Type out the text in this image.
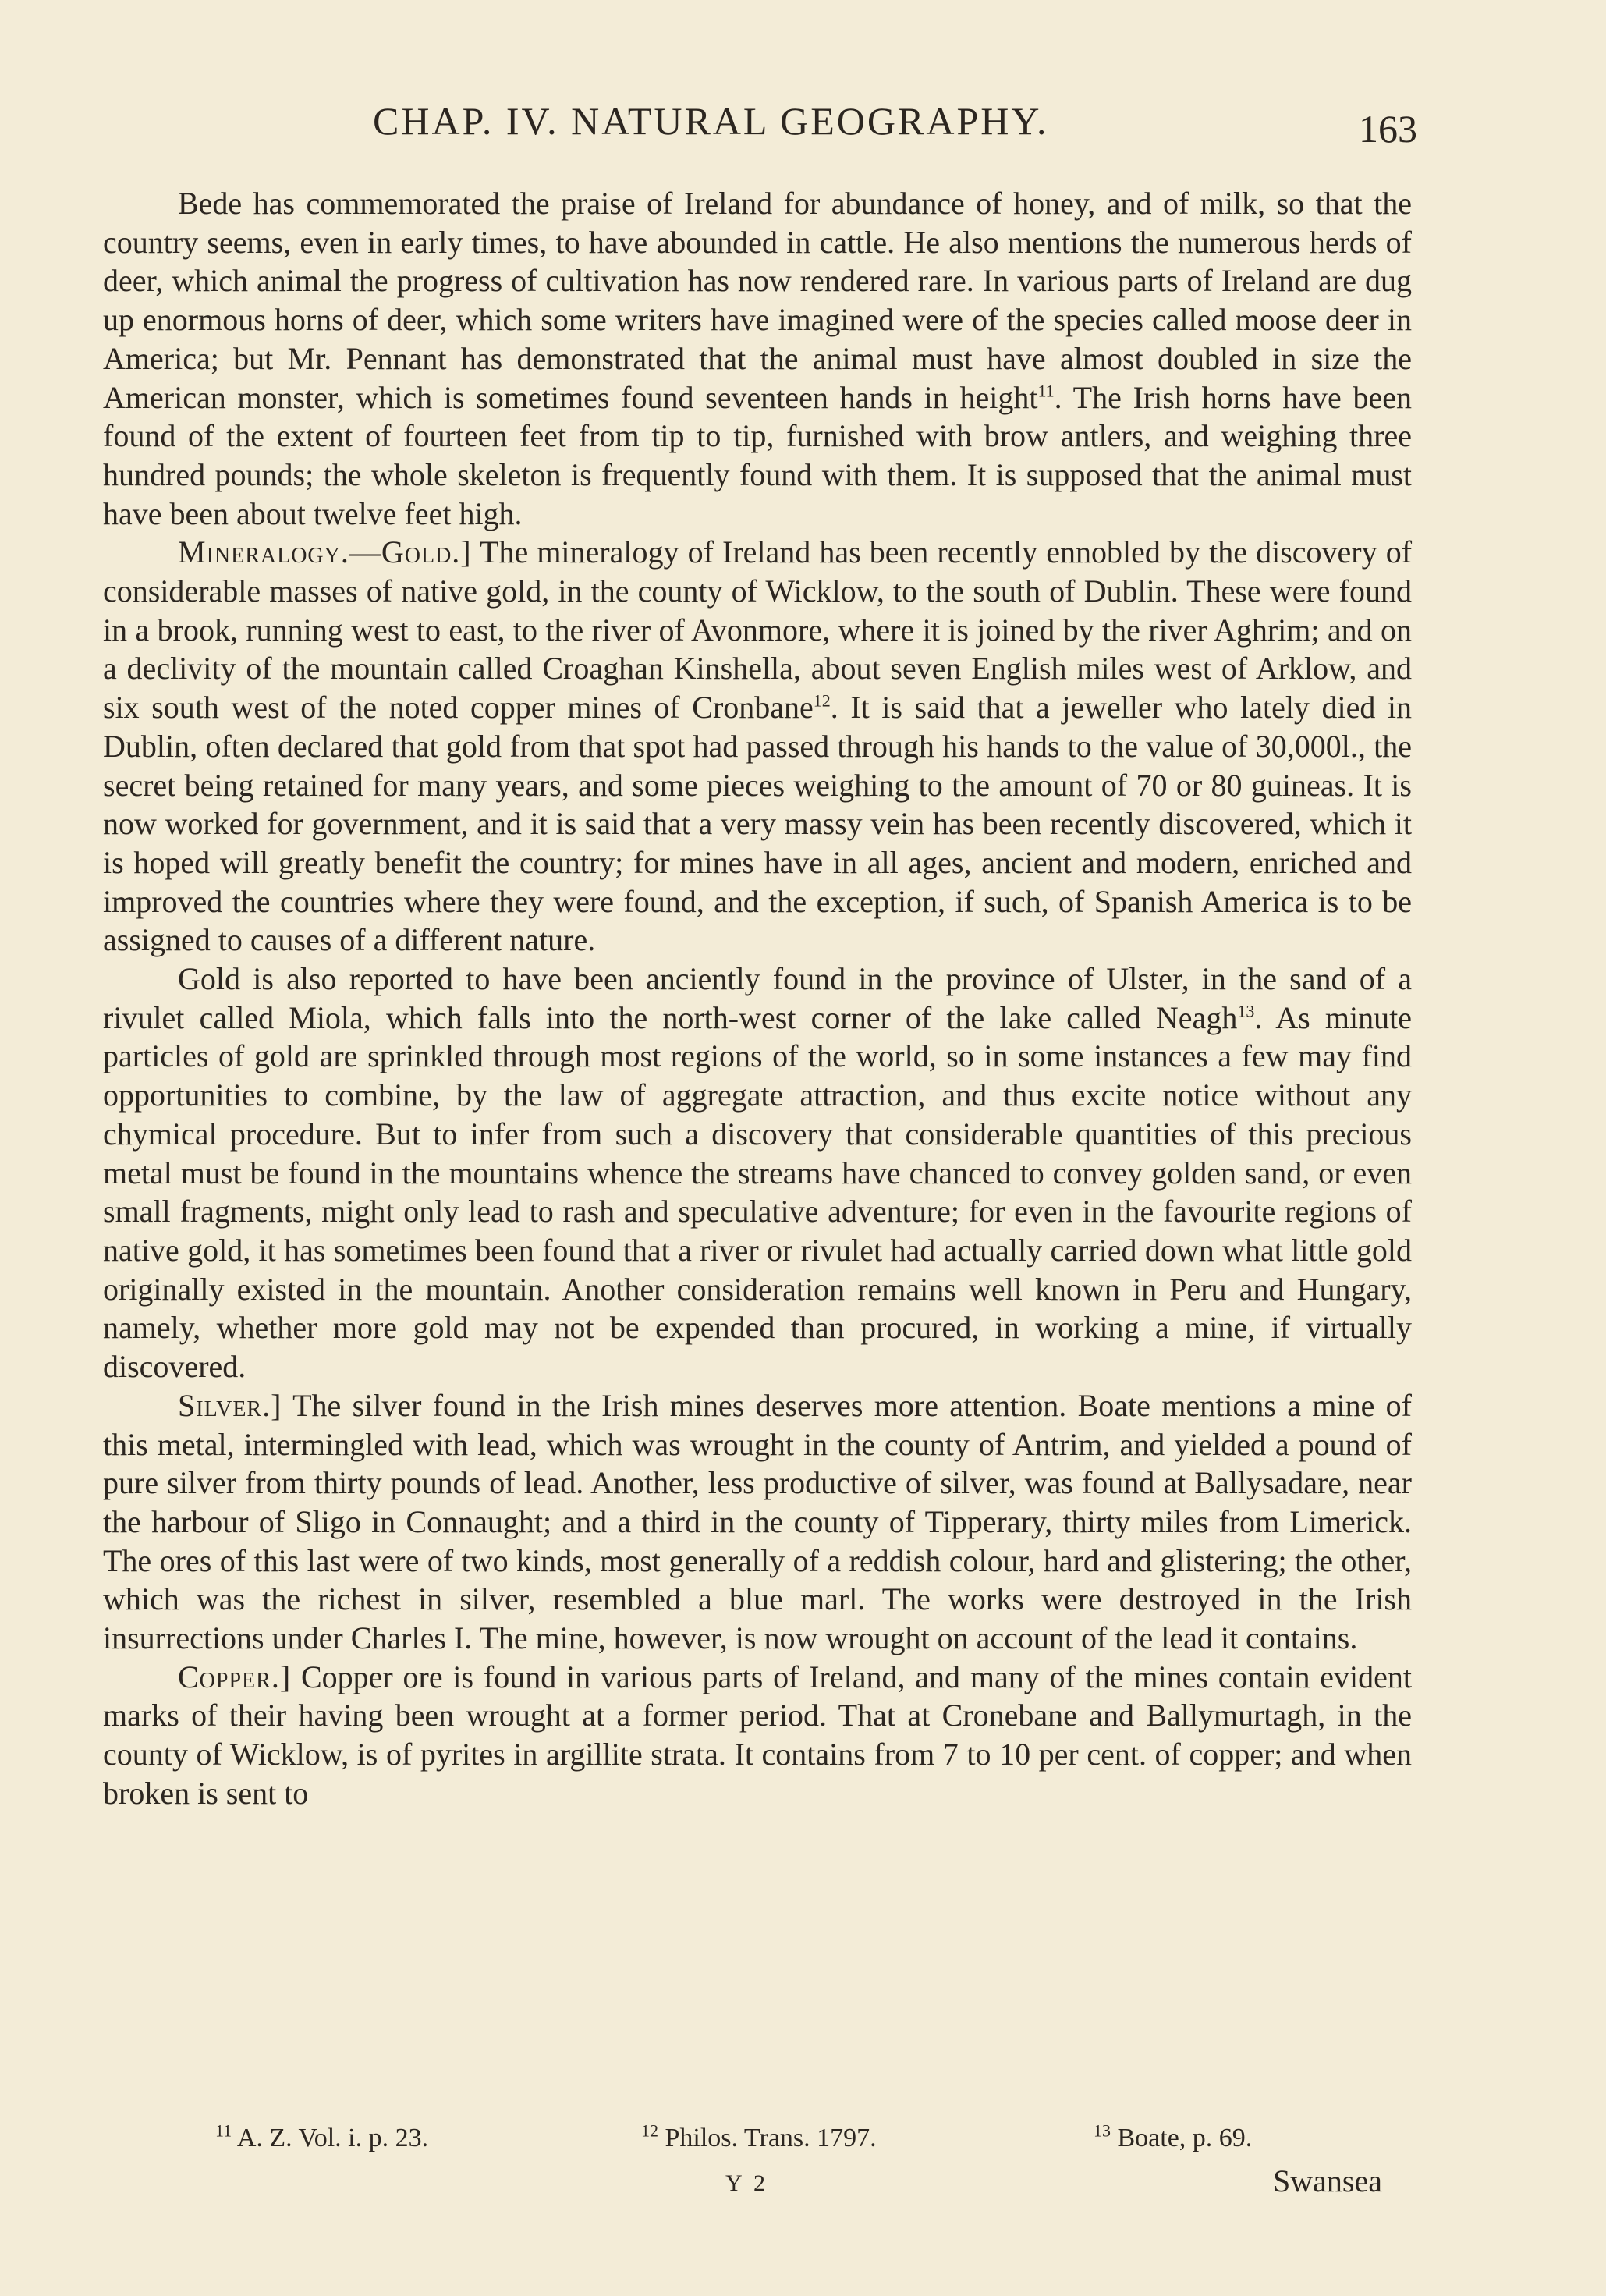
CHAP. IV. NATURAL GEOGRAPHY.	163

Bede has commemorated the praise of Ireland for abundance of honey, and of milk, so that the country seems, even in early times, to have abounded in cattle. He also mentions the numerous herds of deer, which animal the progress of cultivation has now rendered rare. In various parts of Ireland are dug up enormous horns of deer, which some writers have imagined were of the species called moose deer in America; but Mr. Pennant has demonstrated that the animal must have almost doubled in size the American monster, which is sometimes found seventeen hands in height$^{11}$. The Irish horns have been found of the extent of fourteen feet from tip to tip, furnished with brow antlers, and weighing three hundred pounds; the whole skeleton is frequently found with them. It is supposed that the animal must have been about twelve feet high.

Mineralogy.—Gold.] The mineralogy of Ireland has been recently ennobled by the discovery of considerable masses of native gold, in the county of Wicklow, to the south of Dublin. These were found in a brook, running west to east, to the river of Avonmore, where it is joined by the river Aghrim; and on a declivity of the mountain called Croaghan Kinshella, about seven English miles west of Arklow, and six south west of the noted copper mines of Cronbane$^{12}$. It is said that a jeweller who lately died in Dublin, often declared that gold from that spot had passed through his hands to the value of 30,000l., the secret being retained for many years, and some pieces weighing to the amount of 70 or 80 guineas. It is now worked for government, and it is said that a very massy vein has been recently discovered, which it is hoped will greatly benefit the country; for mines have in all ages, ancient and modern, enriched and improved the countries where they were found, and the exception, if such, of Spanish America is to be assigned to causes of a different nature.

Gold is also reported to have been anciently found in the province of Ulster, in the sand of a rivulet called Miola, which falls into the north-west corner of the lake called Neagh$^{13}$. As minute particles of gold are sprinkled through most regions of the world, so in some instances a few may find opportunities to combine, by the law of aggregate attraction, and thus excite notice without any chymical procedure. But to infer from such a discovery that considerable quantities of this precious metal must be found in the mountains whence the streams have chanced to convey golden sand, or even small fragments, might only lead to rash and speculative adventure; for even in the favourite regions of native gold, it has sometimes been found that a river or rivulet had actually carried down what little gold originally existed in the mountain. Another consideration remains well known in Peru and Hungary, namely, whether more gold may not be expended than procured, in working a mine, if virtually discovered.

Silver.] The silver found in the Irish mines deserves more attention. Boate mentions a mine of this metal, intermingled with lead, which was wrought in the county of Antrim, and yielded a pound of pure silver from thirty pounds of lead. Another, less productive of silver, was found at Ballysadare, near the harbour of Sligo in Connaught; and a third in the county of Tipperary, thirty miles from Limerick. The ores of this last were of two kinds, most generally of a reddish colour, hard and glistering; the other, which was the richest in silver, resembled a blue marl. The works were destroyed in the Irish insurrections under Charles I. The mine, however, is now wrought on account of the lead it contains.

Copper.] Copper ore is found in various parts of Ireland, and many of the mines contain evident marks of their having been wrought at a former period. That at Cronebane and Ballymurtagh, in the county of Wicklow, is of pyrites in argillite strata. It contains from 7 to 10 per cent. of copper; and when broken is sent to

$^{11}$ A. Z. Vol. i. p. 23.	$^{12}$ Philos. Trans. 1797.	$^{13}$ Boate, p. 69.
Y 2	Swansea
